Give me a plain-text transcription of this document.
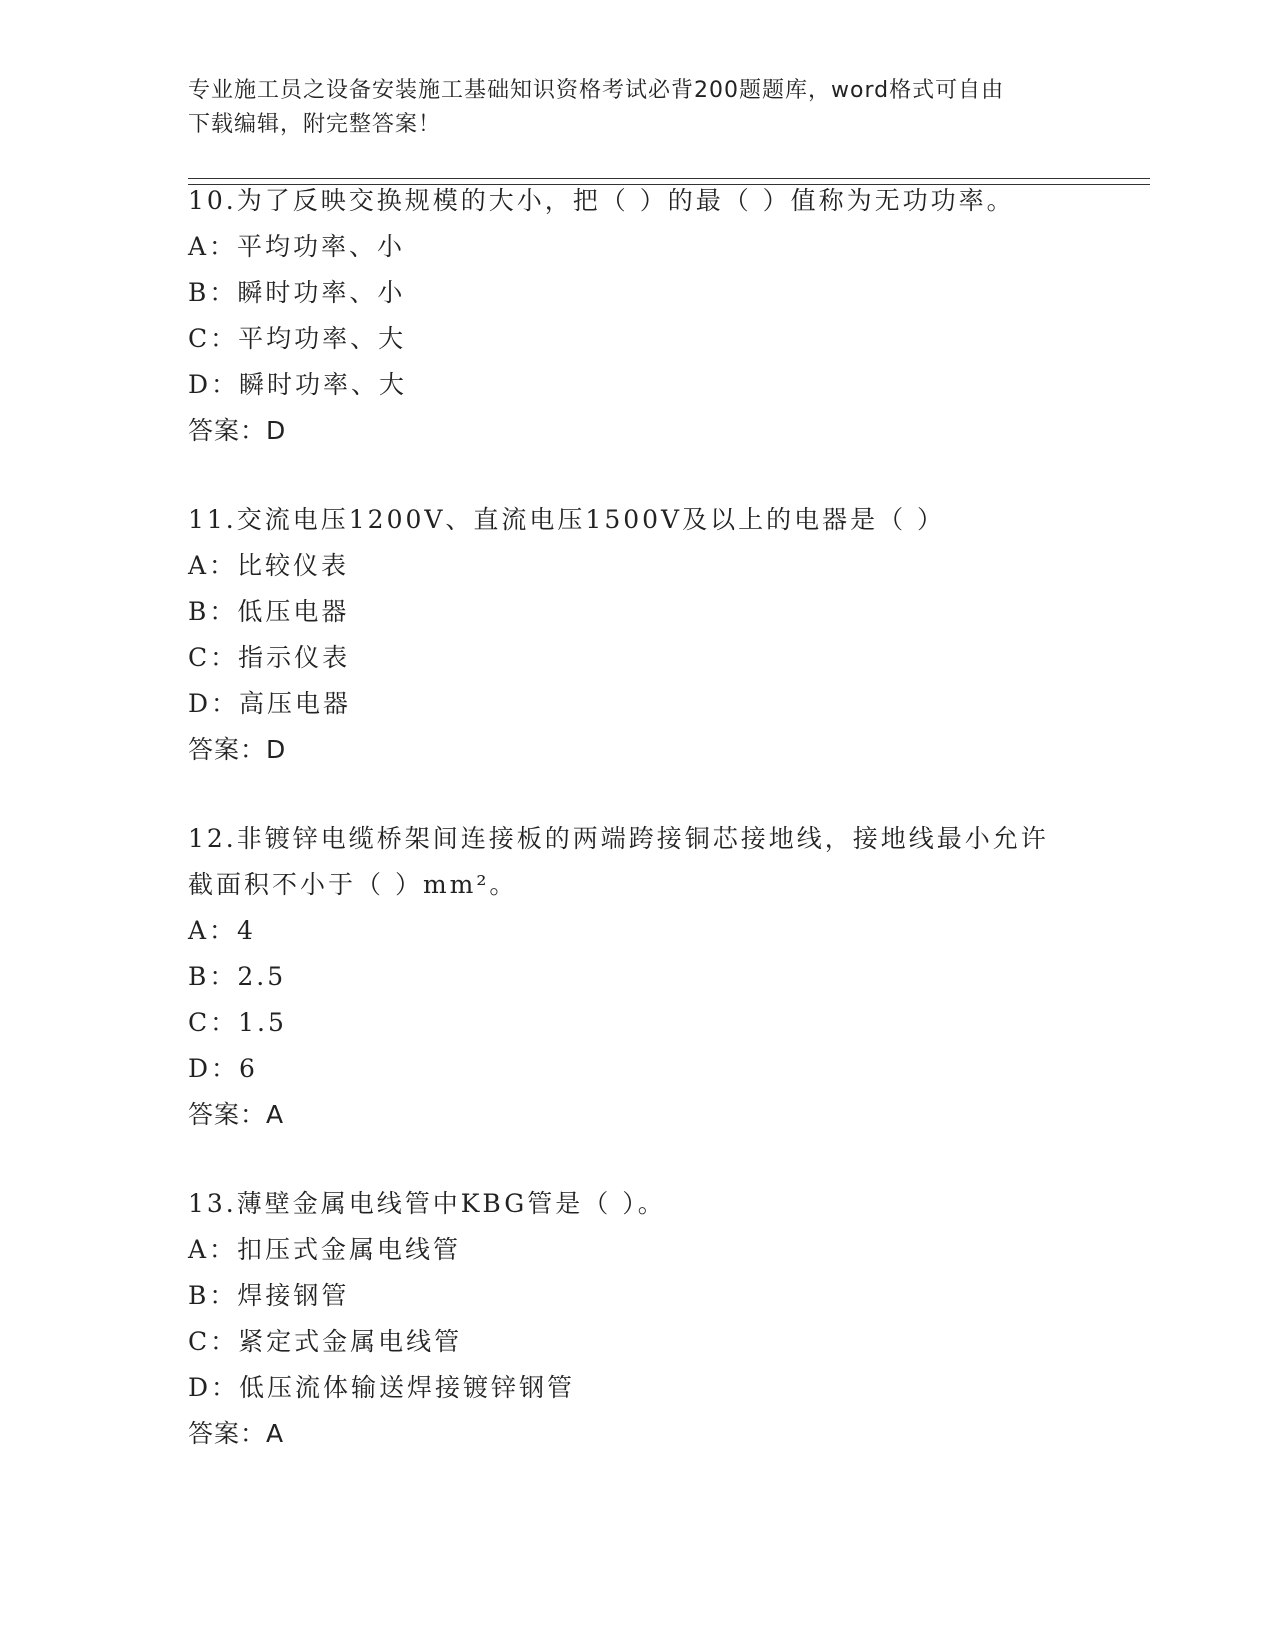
专业施工员之设备安装施工基础知识资格考试必背200题题库，word格式可自由
下载编辑，附完整答案！

10.为了反映交换规模的大小，把（ ）的最（ ）值称为无功功率。

A：平均功率、小

B：瞬时功率、小

C：平均功率、大

D：瞬时功率、大

答案：D

11.交流电压1200V、直流电压1500V及以上的电器是（ ）

A：比较仪表

B：低压电器

C：指示仪表

D：高压电器

答案：D

12.非镀锌电缆桥架间连接板的两端跨接铜芯接地线，接地线最小允许

截面积不小于（ ）mm²。

A：4

B：2.5

C：1.5

D：6

答案：A

13.薄壁金属电线管中KBG管是（ ）。

A：扣压式金属电线管

B：焊接钢管

C：紧定式金属电线管

D：低压流体输送焊接镀锌钢管

答案：A
